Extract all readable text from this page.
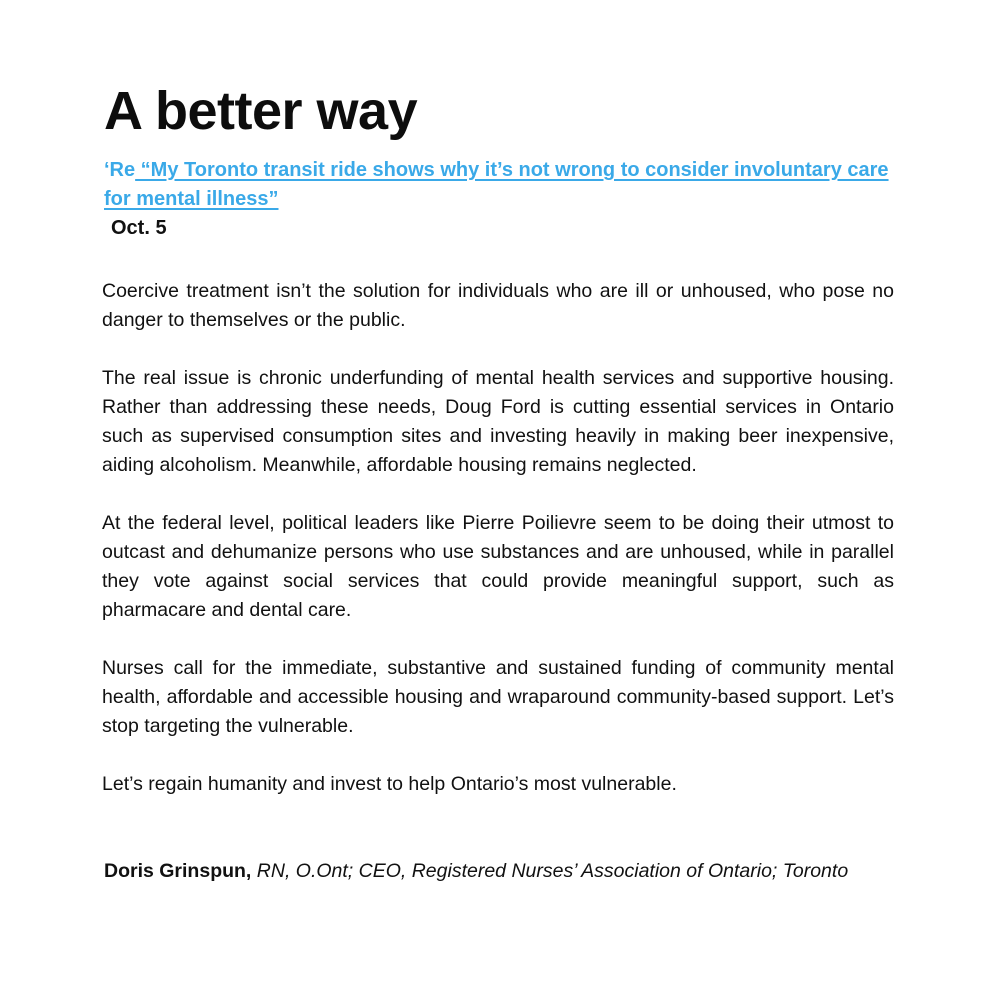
A better way

‘Re “My Toronto transit ride shows why it’s not wrong to consider involuntary care for mental illness”

Oct. 5

Coercive treatment isn’t the solution for individuals who are ill or unhoused, who pose no danger to themselves or the public.

The real issue is chronic underfunding of mental health services and supportive housing. Rather than addressing these needs, Doug Ford is cutting essential services in Ontario such as supervised consumption sites and investing heavily in making beer inexpensive, aiding alcoholism. Meanwhile, affordable housing remains neglected.

At the federal level, political leaders like Pierre Poilievre seem to be doing their utmost to outcast and dehumanize persons who use substances and are unhoused, while in parallel they vote against social services that could provide meaningful support, such as pharmacare and dental care.

Nurses call for the immediate, substantive and sustained funding of community mental health, affordable and accessible housing and wraparound community-based support. Let’s stop targeting the vulnerable.

Let’s regain humanity and invest to help Ontario’s most vulnerable.

Doris Grinspun, RN, O.Ont; CEO, Registered Nurses’ Association of Ontario; Toronto
